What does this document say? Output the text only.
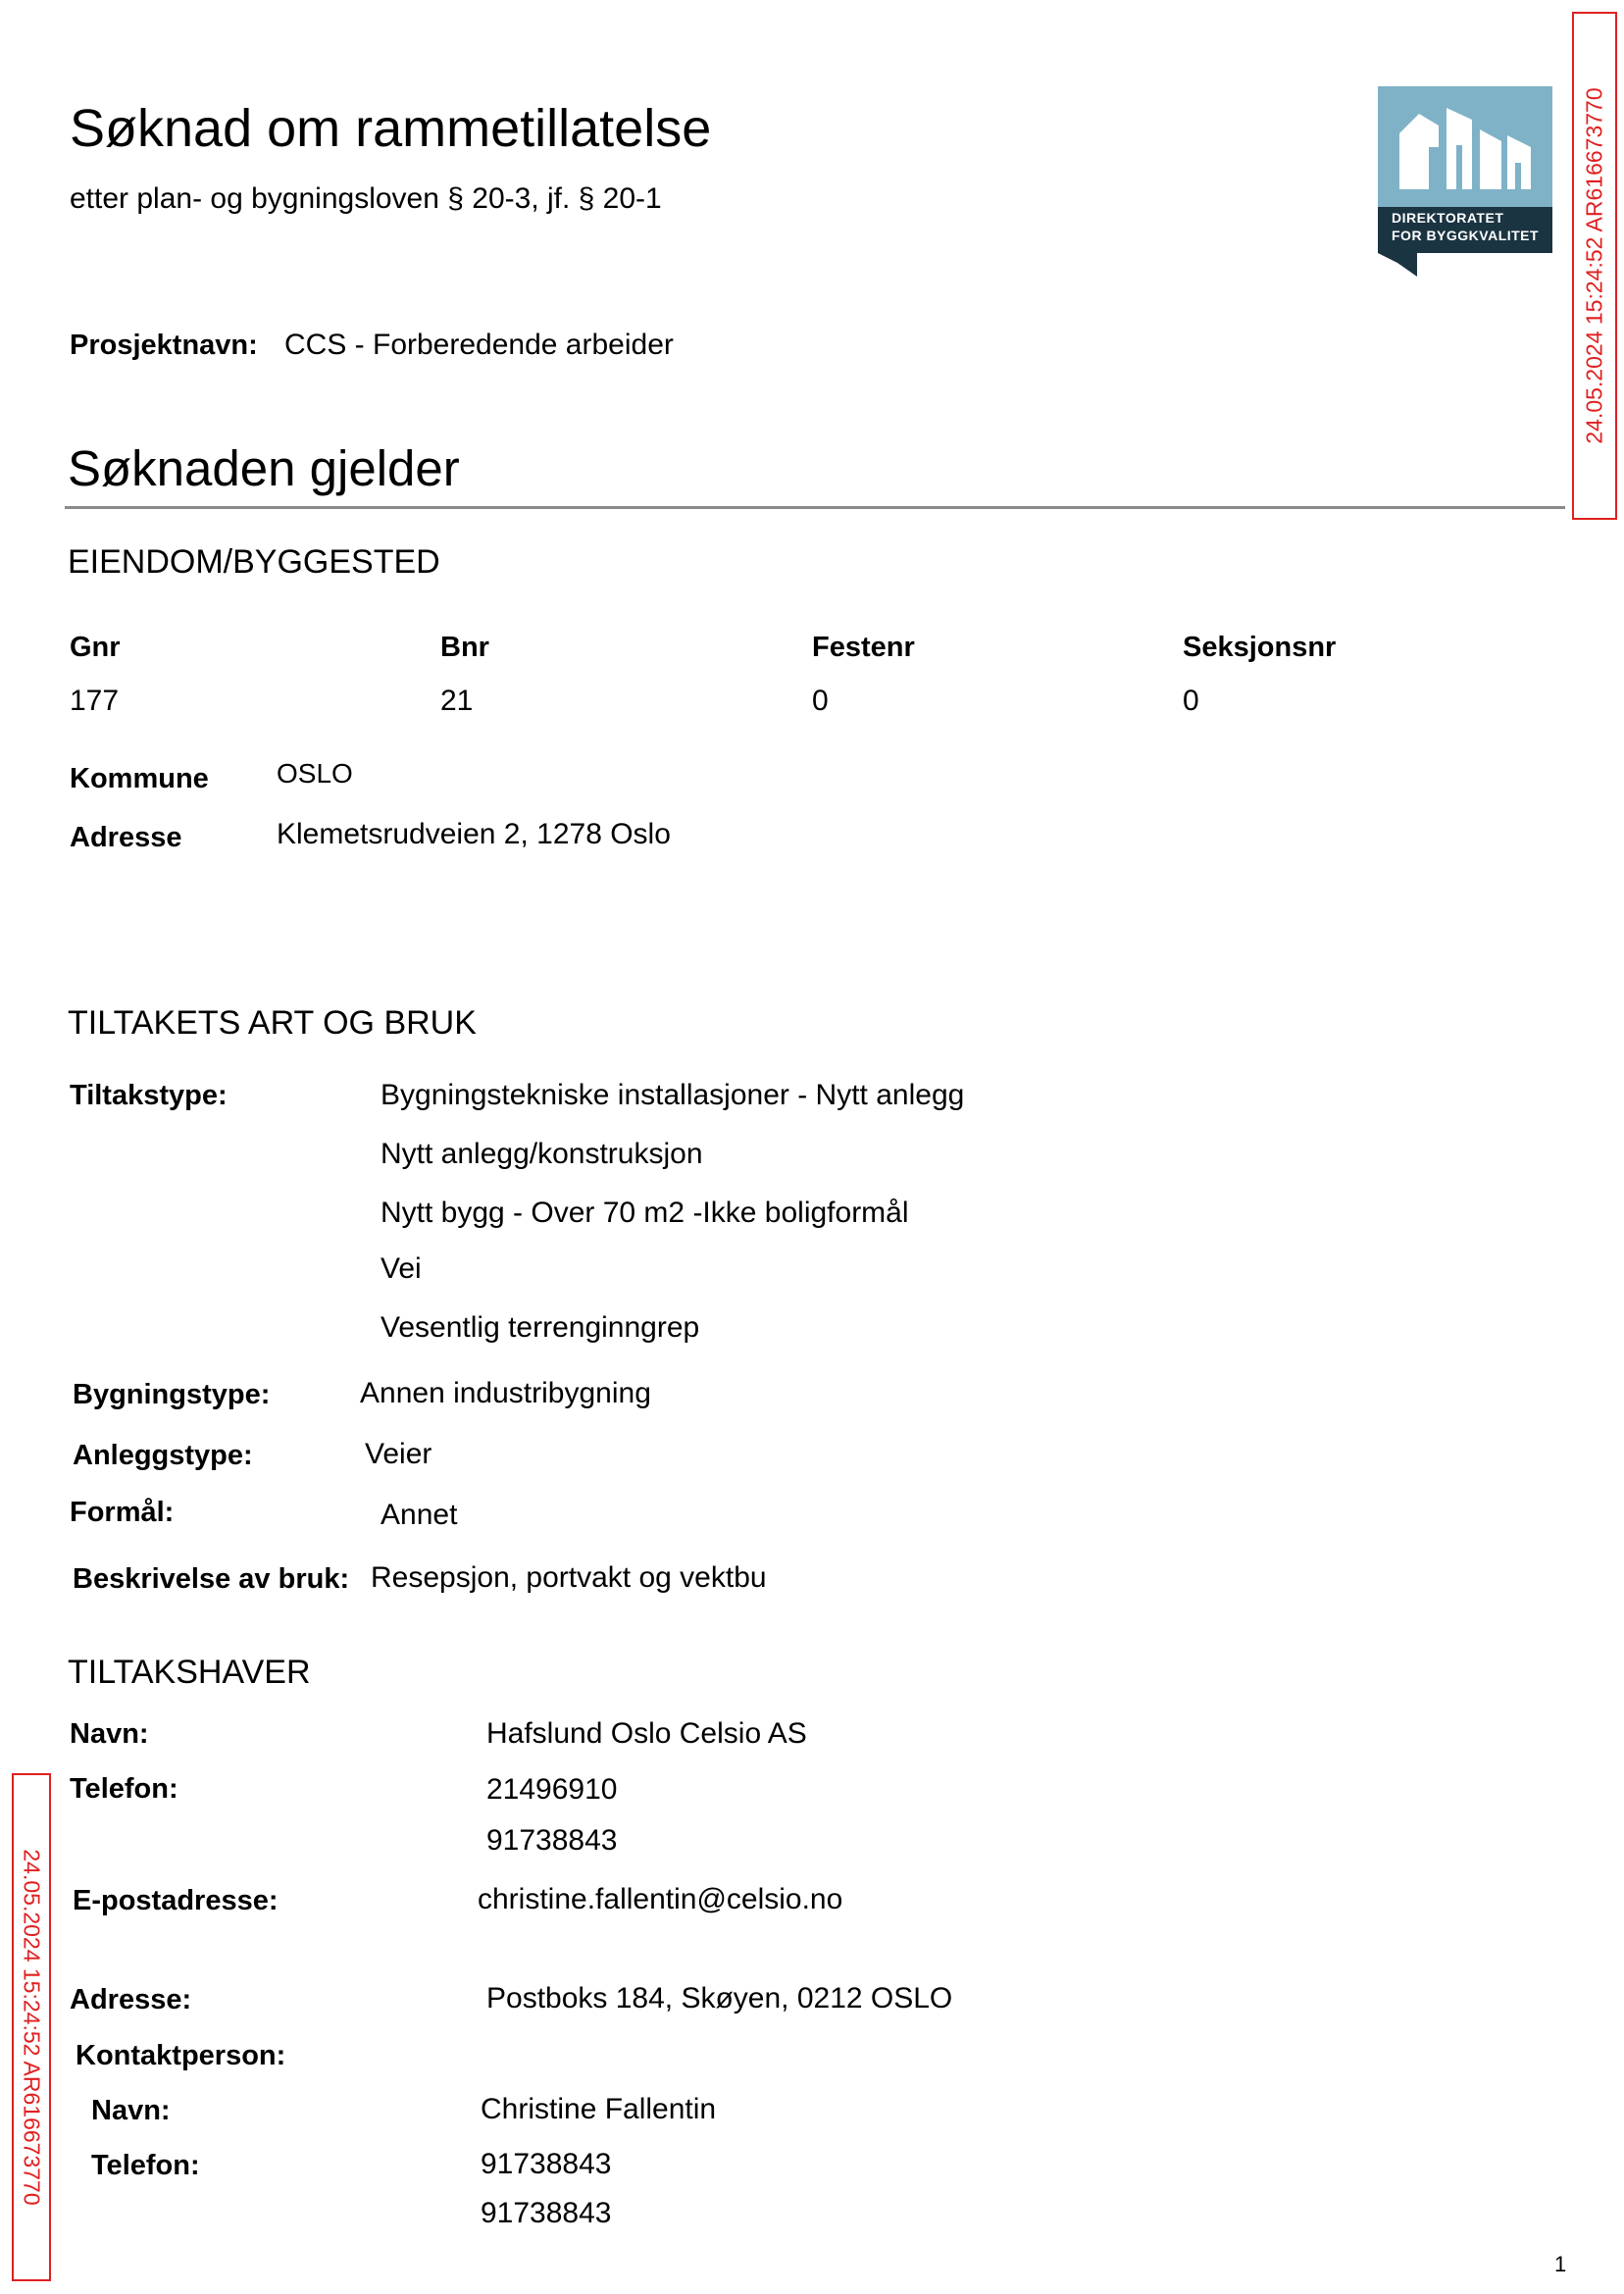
Søknad om rammetillatelse
etter plan- og bygningsloven § 20-3, jf. § 20-1
DIREKTORATET
FOR BYGGKVALITET 24.05.2024 15:24:52 AR616673770
24.05.2024 15:24:52 AR616673770
Prosjektnavn: CCS - Forberedende arbeider
Søknaden gjelder
EIENDOM/BYGGESTED
Gnr	Bnr	Festenr	Seksjonsnr
177	21	0	0
Kommune OSLO
Adresse	Klemetsrudveien 2, 1278 Oslo
TILTAKETS ART OG BRUK
Tiltakstype:	Bygningstekniske installasjoner - Nytt anlegg
Nytt anlegg/konstruksjon
Nytt bygg - Over 70 m2 -Ikke boligformål
Vei
Vesentlig terrenginngrep
Bygningstype:	Annen industribygning
Anleggstype:	Veier
Formål:	Annet
Beskrivelse av bruk: Resepsjon, portvakt og vektbu
TILTAKSHAVER
Navn:	Hafslund Oslo Celsio AS
Telefon:	21496910
91738843
E-postadresse:	christine.fallentin@celsio.no
Adresse:	Postboks 184, Skøyen, 0212 OSLO
Kontaktperson:
Navn:	Christine Fallentin
Telefon:	91738843
91738843
1
